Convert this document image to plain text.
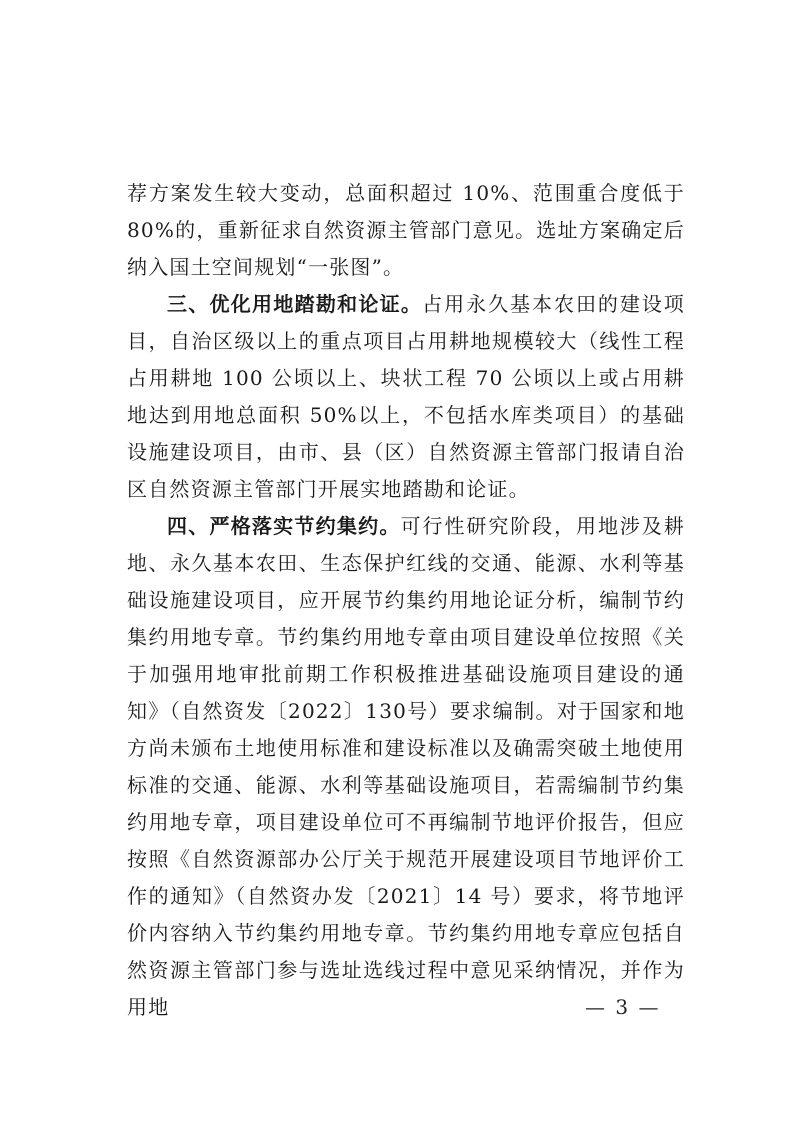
荐方案发生较大变动，总面积超过 10%、范围重合度低于 80%的，重新征求自然资源主管部门意见。选址方案确定后纳入国土空间规划“一张图”。

三、优化用地踏勘和论证。占用永久基本农田的建设项目，自治区级以上的重点项目占用耕地规模较大（线性工程占用耕地 100 公顷以上、块状工程 70 公顷以上或占用耕地达到用地总面积 50%以上，不包括水库类项目）的基础设施建设项目，由市、县（区）自然资源主管部门报请自治区自然资源主管部门开展实地踏勘和论证。

四、严格落实节约集约。可行性研究阶段，用地涉及耕地、永久基本农田、生态保护红线的交通、能源、水利等基础设施建设项目，应开展节约集约用地论证分析，编制节约集约用地专章。节约集约用地专章由项目建设单位按照《关于加强用地审批前期工作积极推进基础设施项目建设的通知》（自然资发〔2022〕130号）要求编制。对于国家和地方尚未颁布土地使用标准和建设标准以及确需突破土地使用标准的交通、能源、水利等基础设施项目，若需编制节约集约用地专章，项目建设单位可不再编制节地评价报告，但应按照《自然资源部办公厅关于规范开展建设项目节地评价工作的通知》（自然资办发〔2021〕14 号）要求，将节地评价内容纳入节约集约用地专章。节约集约用地专章应包括自然资源主管部门参与选址选线过程中意见采纳情况，并作为用地	— 3 —
